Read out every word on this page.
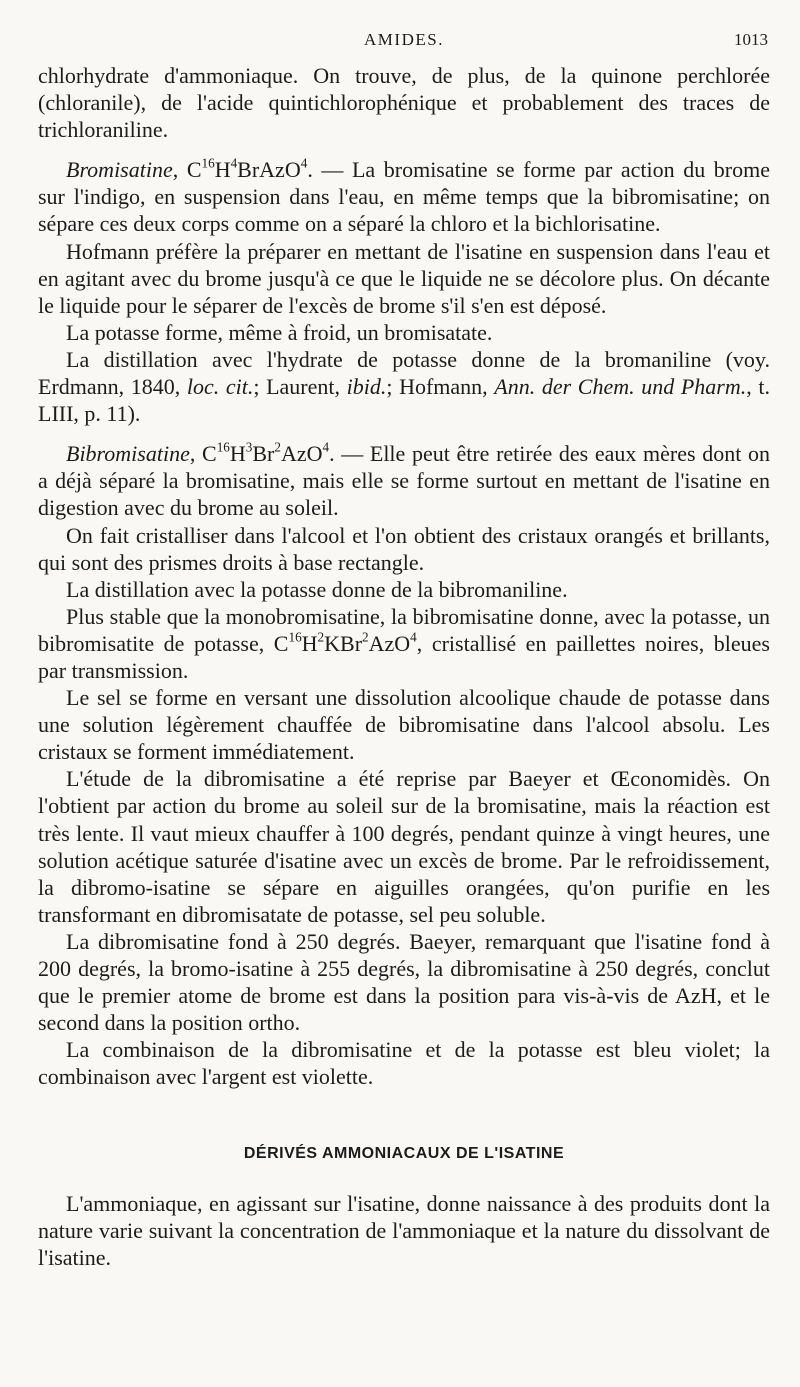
AMIDES.	1013

chlorhydrate d'ammoniaque. On trouve, de plus, de la quinone perchlorée (chloranile), de l'acide quintichlorophénique et probablement des traces de trichloraniline.

Bromisatine, $C^{16}H^4BrAzO^4$. — La bromisatine se forme par action du brome sur l'indigo, en suspension dans l'eau, en même temps que la bibromisatine; on sépare ces deux corps comme on a séparé la chloro et la bichlorisatine.

Hofmann préfère la préparer en mettant de l'isatine en suspension dans l'eau et en agitant avec du brome jusqu'à ce que le liquide ne se décolore plus. On décante le liquide pour le séparer de l'excès de brome s'il s'en est déposé.

La potasse forme, même à froid, un bromisatate.

La distillation avec l'hydrate de potasse donne de la bromaniline (voy. Erdmann, 1840, loc. cit.; Laurent, ibid.; Hofmann, Ann. der Chem. und Pharm., t. LIII, p. 11).

Bibromisatine, $C^{16}H^3Br^2AzO^4$. — Elle peut être retirée des eaux mères dont on a déjà séparé la bromisatine, mais elle se forme surtout en mettant de l'isatine en digestion avec du brome au soleil.

On fait cristalliser dans l'alcool et l'on obtient des cristaux orangés et brillants, qui sont des prismes droits à base rectangle.

La distillation avec la potasse donne de la bibromaniline.

Plus stable que la monobromisatine, la bibromisatine donne, avec la potasse, un bibromisatite de potasse, $C^{16}H^2KBr^2AzO^4$, cristallisé en paillettes noires, bleues par transmission.

Le sel se forme en versant une dissolution alcoolique chaude de potasse dans une solution légèrement chauffée de bibromisatine dans l'alcool absolu. Les cristaux se forment immédiatement.

L'étude de la dibromisatine a été reprise par Baeyer et Œconomidès. On l'obtient par action du brome au soleil sur de la bromisatine, mais la réaction est très lente. Il vaut mieux chauffer à 100 degrés, pendant quinze à vingt heures, une solution acétique saturée d'isatine avec un excès de brome. Par le refroidissement, la dibromo-isatine se sépare en aiguilles orangées, qu'on purifie en les transformant en dibromisatate de potasse, sel peu soluble.

La dibromisatine fond à 250 degrés. Baeyer, remarquant que l'isatine fond à 200 degrés, la bromo-isatine à 255 degrés, la dibromisatine à 250 degrés, conclut que le premier atome de brome est dans la position para vis-à-vis de AzH, et le second dans la position ortho.

La combinaison de la dibromisatine et de la potasse est bleu violet; la combinaison avec l'argent est violette.

DÉRIVÉS AMMONIACAUX DE L'ISATINE

L'ammoniaque, en agissant sur l'isatine, donne naissance à des produits dont la nature varie suivant la concentration de l'ammoniaque et la nature du dissolvant de l'isatine.
